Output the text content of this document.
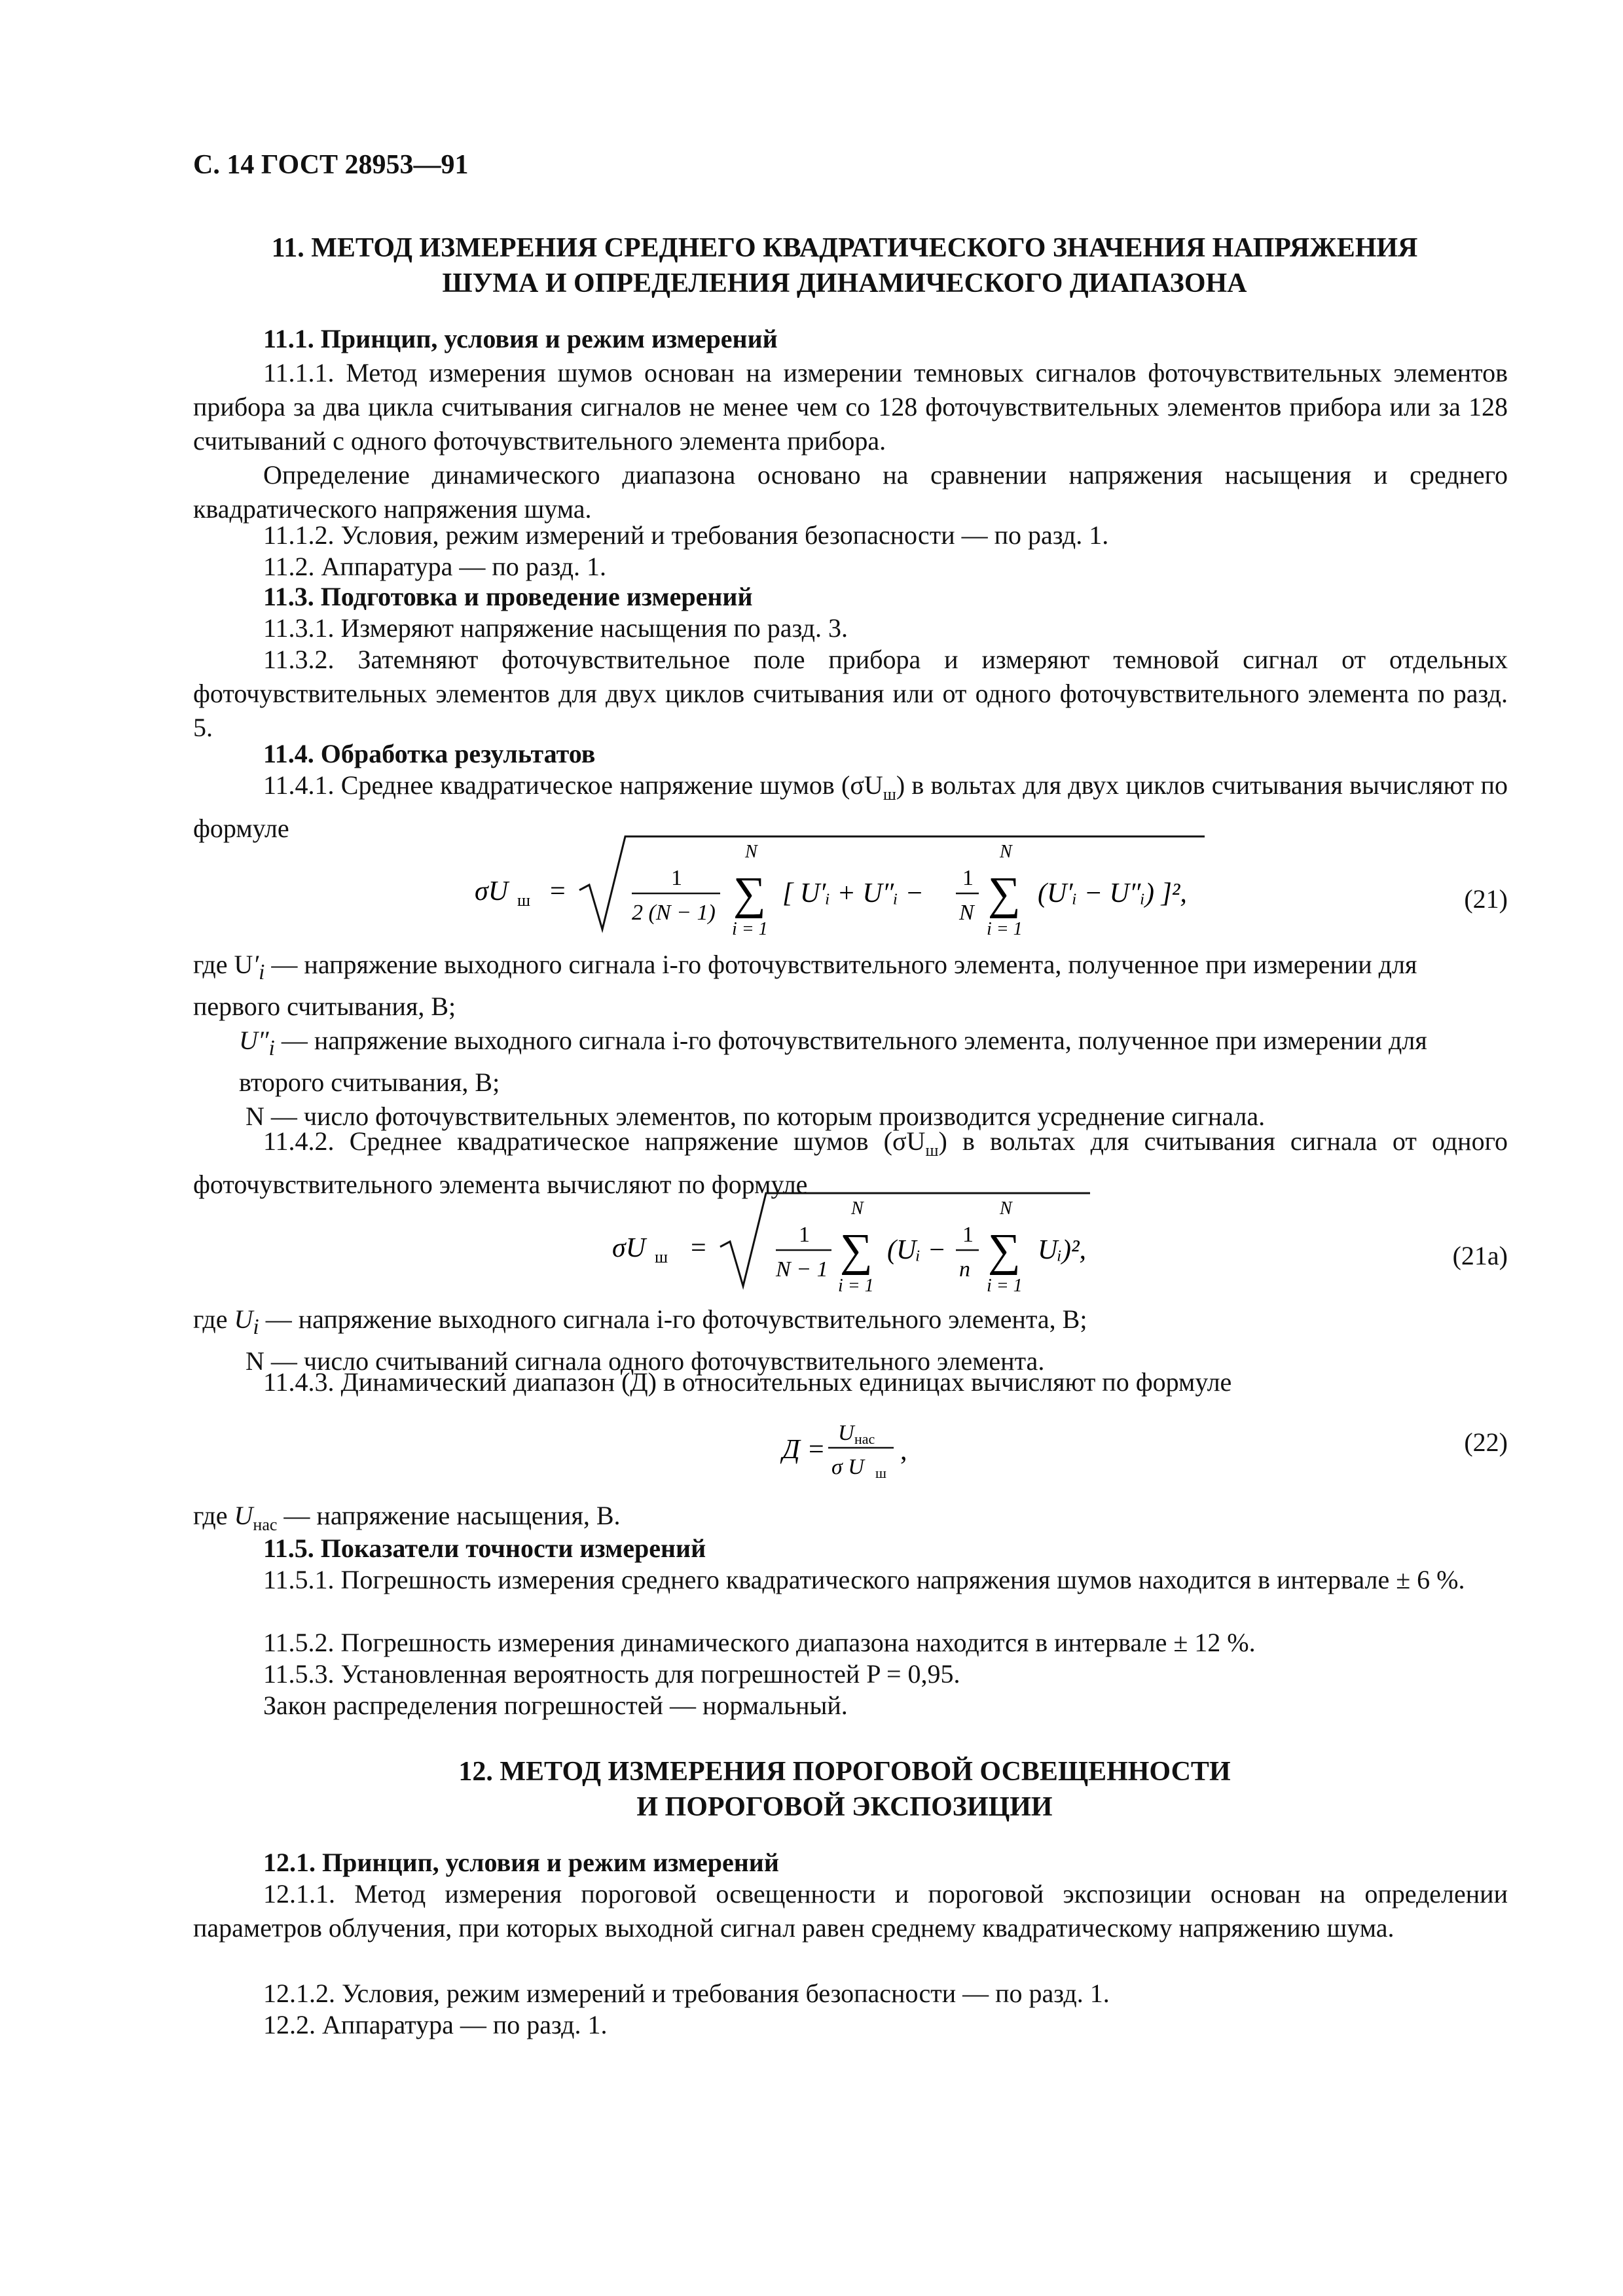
С. 14 ГОСТ 28953—91
11. МЕТОД ИЗМЕРЕНИЯ СРЕДНЕГО КВАДРАТИЧЕСКОГО ЗНАЧЕНИЯ НАПРЯЖЕНИЯ
ШУМА И ОПРЕДЕЛЕНИЯ ДИНАМИЧЕСКОГО ДИАПАЗОНА
11.1. Принцип, условия и режим измерений
11.1.1. Метод измерения шумов основан на измерении темновых сигналов фоточувствительных элементов прибора за два цикла считывания сигналов не менее чем со 128 фоточувствительных элементов прибора или за 128 считываний с одного фоточувствительного элемента прибора.
Определение динамического диапазона основано на сравнении напряжения насыщения и среднего квадратического напряжения шума.
11.1.2. Условия, режим измерений и требования безопасности — по разд. 1.
11.2. Аппаратура — по разд. 1.
11.3. Подготовка и проведение измерений
11.3.1. Измеряют напряжение насыщения по разд. 3.
11.3.2. Затемняют фоточувствительное поле прибора и измеряют темновой сигнал от отдельных фоточувствительных элементов для двух циклов считывания или от одного фоточувствительного элемента по разд. 5.
11.4. Обработка результатов
11.4.1. Среднее квадратическое напряжение шумов $(\sigma U_ш)$ в вольтах для двух циклов считывания вычисляют по формуле
σU ш =	1
2 (N − 1)
N
∑
i = 1
[ U′ᵢ + U″ᵢ −
1
N
N
∑
i = 1
(U′ᵢ − U″ᵢ) ]²,	(21)
где $U'_i$ — напряжение выходного сигнала i-го фоточувствительного элемента, полученное при измерении для первого считывания, В;
$U''_i$ — напряжение выходного сигнала i-го фоточувствительного элемента, полученное при измерении для второго считывания, В;
N — число фоточувствительных элементов, по которым производится усреднение сигнала.
11.4.2. Среднее квадратическое напряжение шумов $(\sigma U_ш)$ в вольтах для считывания сигнала от одного фоточувствительного элемента вычисляют по формуле
σU ш =	1
N − 1
N
∑
i = 1
(Uᵢ −
1
n
N
∑
i = 1
Uᵢ)²,	(21а)
где $U_i$ — напряжение выходного сигнала i-го фоточувствительного элемента, В;
N — число считываний сигнала одного фоточувствительного элемента.
11.4.3. Динамический диапазон (Д) в относительных единицах вычисляют по формуле
Д =
U нас
σ U ш
,	(22)
где $U_{нас}$ — напряжение насыщения, В.
11.5. Показатели точности измерений
11.5.1. Погрешность измерения среднего квадратического напряжения шумов находится в интервале ± 6 %.
11.5.2. Погрешность измерения динамического диапазона находится в интервале ± 12 %.
11.5.3. Установленная вероятность для погрешностей P = 0,95.
Закон распределения погрешностей — нормальный.
12. МЕТОД ИЗМЕРЕНИЯ ПОРОГОВОЙ ОСВЕЩЕННОСТИ
И ПОРОГОВОЙ ЭКСПОЗИЦИИ
12.1. Принцип, условия и режим измерений
12.1.1. Метод измерения пороговой освещенности и пороговой экспозиции основан на определении параметров облучения, при которых выходной сигнал равен среднему квадратическому напряжению шума.
12.1.2. Условия, режим измерений и требования безопасности — по разд. 1.
12.2. Аппаратура — по разд. 1.
